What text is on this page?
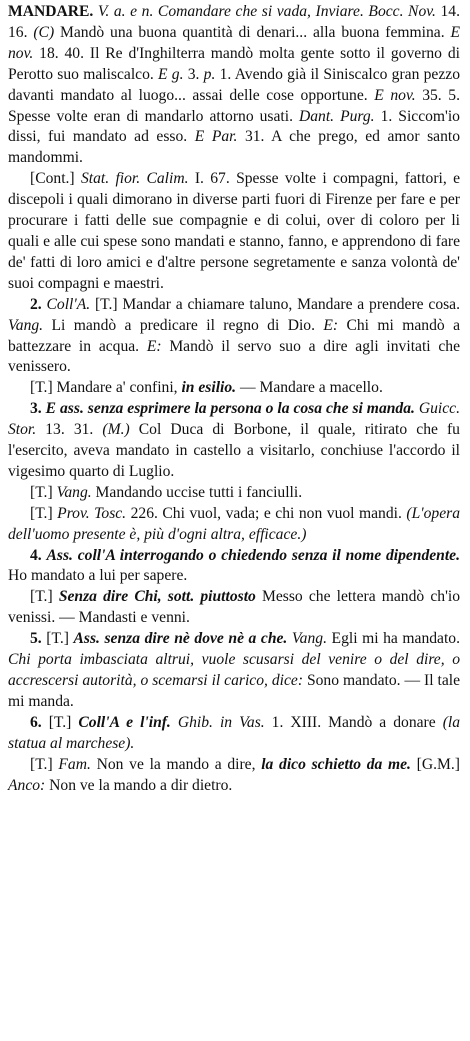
MANDARE. V. a. e n. Comandare che si vada, Inviare. Bocc. Nov. 14. 16. (C) Mandò una buona quantità di denari... alla buona femmina. E nov. 18. 40. Il Re d'Inghilterra mandò molta gente sotto il governo di Perotto suo maliscalco. E g. 3. p. 1. Avendo già il Siniscalco gran pezzo davanti mandato al luogo... assai delle cose opportune. E nov. 35. 5. Spesse volte eran di mandarlo attorno usati. Dant. Purg. 1. Siccom'io dissi, fui mandato ad esso. E Par. 31. A che prego, ed amor santo mandommi.

[Cont.] Stat. fior. Calim. I. 67. Spesse volte i compagni, fattori, e discepoli i quali dimorano in diverse parti fuori di Firenze per fare e per procurare i fatti delle sue compagnie e di colui, over di coloro per li quali e alle cui spese sono mandati e stanno, fanno, e apprendono di fare de' fatti di loro amici e d'altre persone segretamente e sanza volontà de' suoi compagni e maestri.

2. Coll'A. [T.] Mandar a chiamare taluno, Mandare a prendere cosa. Vang. Li mandò a predicare il regno di Dio. E: Chi mi mandò a battezzare in acqua. E: Mandò il servo suo a dire agli invitati che venissero.

[T.] Mandare a' confini, in esilio. — Mandare a macello.

3. E ass. senza esprimere la persona o la cosa che si manda. Guicc. Stor. 13. 31. (M.) Col Duca di Borbone, il quale, ritirato che fu l'esercito, aveva mandato in castello a visitarlo, conchiuse l'accordo il vigesimo quarto di Luglio.

[T.] Vang. Mandando uccise tutti i fanciulli.

[T.] Prov. Tosc. 226. Chi vuol, vada; e chi non vuol mandi. (L'opera dell'uomo presente è, più d'ogni altra, efficace.)

4. Ass. coll'A interrogando o chiedendo senza il nome dipendente. Ho mandato a lui per sapere.

[T.] Senza dire Chi, sott. piuttosto Messo che lettera mandò ch'io venissi. — Mandasti e venni.

5. [T.] Ass. senza dire nè dove nè a che. Vang. Egli mi ha mandato. Chi porta imbasciata altrui, vuole scusarsi del venire o del dire, o accrescersi autorità, o scemarsi il carico, dice: Sono mandato. — Il tale mi manda.

6. [T.] Coll'A e l'inf. Ghib. in Vas. 1. XIII. Mandò a donare (la statua al marchese).

[T.] Fam. Non ve la mando a dire, la dico schietto da me. [G.M.] Anco: Non ve la mando a dir dietro.
